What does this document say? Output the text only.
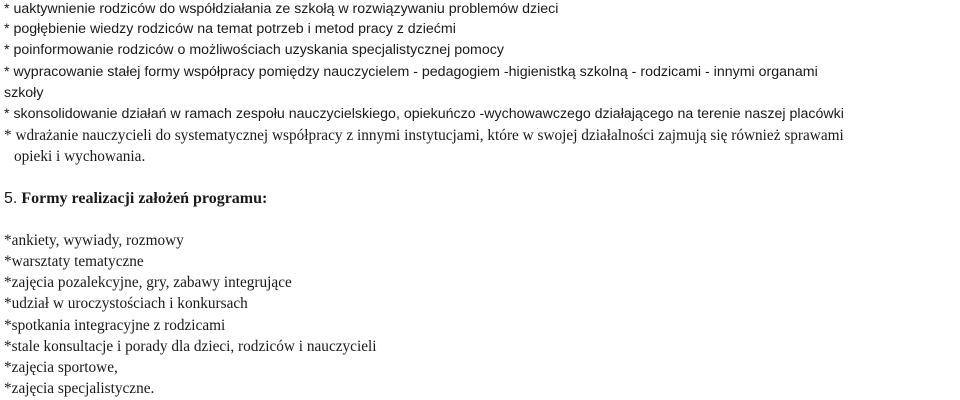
* uaktywnienie rodziców do współdziałania ze szkołą w rozwiązywaniu problemów dzieci
* pogłębienie wiedzy rodziców na temat potrzeb i metod pracy z dziećmi
* poinformowanie rodziców o możliwościach uzyskania specjalistycznej pomocy
* wypracowanie stałej formy współpracy pomiędzy nauczycielem - pedagogiem -higienistką szkolną - rodzicami - innymi organami
szkoły
* skonsolidowanie działań w ramach zespołu nauczycielskiego, opiekuńczo -wychowawczego działającego na terenie naszej placówki
* wdrażanie nauczycieli do systematycznej współpracy z innymi instytucjami, które w swojej działalności zajmują się również sprawami
opieki i wychowania.
5. Formy realizacji założeń programu:
*ankiety, wywiady, rozmowy
*warsztaty tematyczne
*zajęcia pozalekcyjne, gry, zabawy integrujące
*udział w uroczystościach i konkursach
*spotkania integracyjne z rodzicami
*stale konsultacje i porady dla dzieci, rodziców i nauczycieli
*zajęcia sportowe,
*zajęcia specjalistyczne.
